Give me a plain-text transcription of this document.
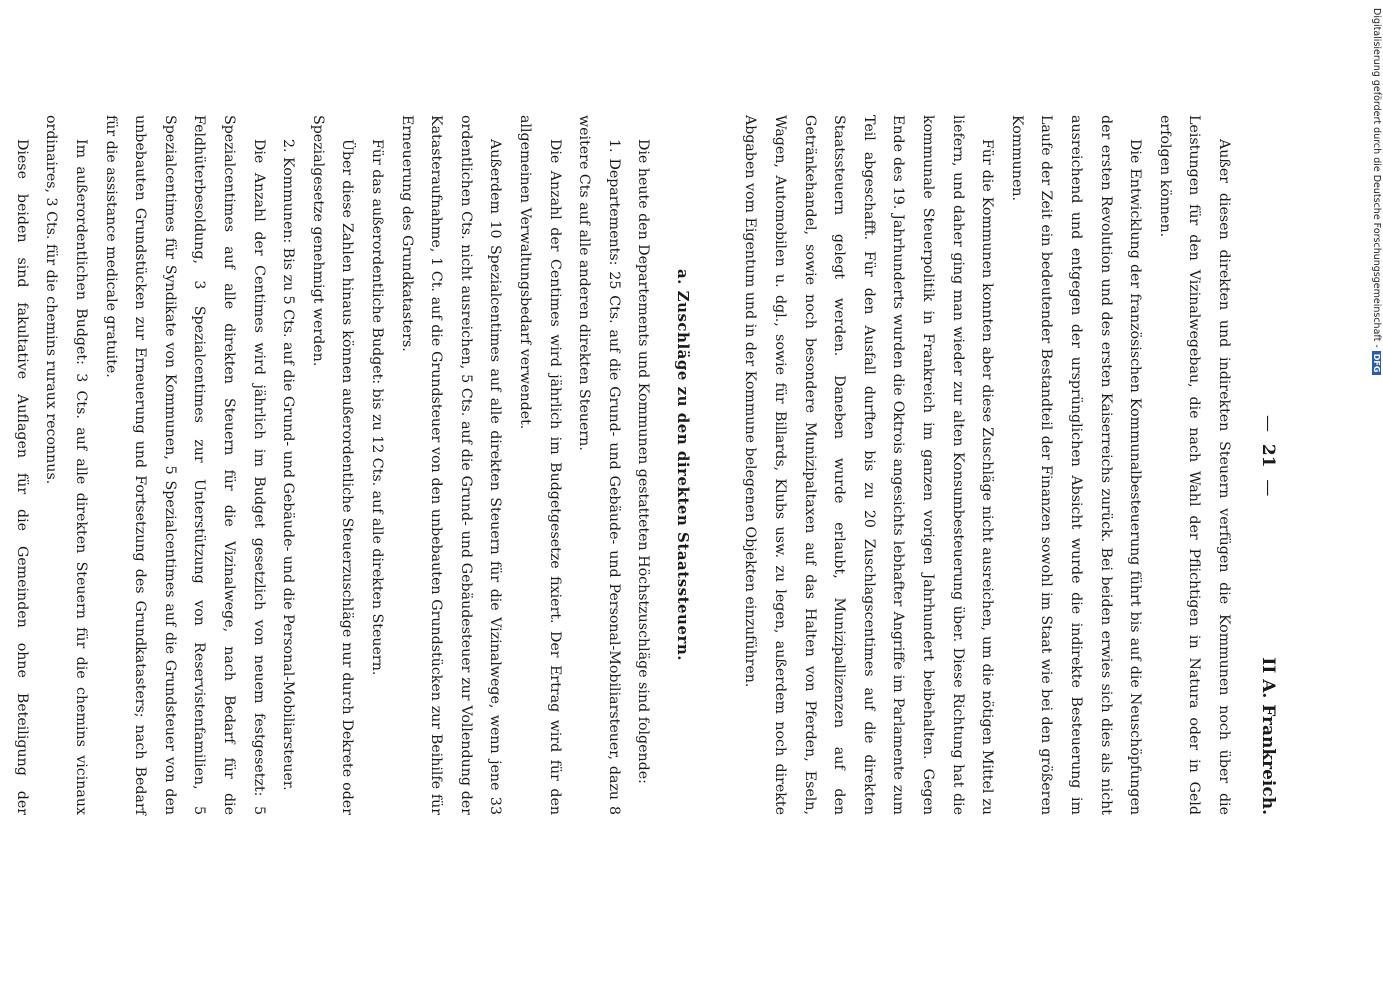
—  21  —
II A. Frankreich.

Außer diesen direkten und indirekten Steuern verfügen die Kommunen noch über die Leistungen für den Vizinalwegebau, die nach Wahl der Pflichtigen in Natura oder in Geld erfolgen können.

Die Entwicklung der französischen Kommunalbesteuerung führt bis auf die Neuschöpfungen der ersten Revolution und des ersten Kaiserreichs zurück. Bei beiden erwies sich dies als nicht ausreichend und entgegen der ursprünglichen Absicht wurde die indirekte Besteuerung im Laufe der Zeit ein bedeutender Bestandteil der Finanzen sowohl im Staat wie bei den größeren Kommunen.

Für die Kommunen konnten aber diese Zuschläge nicht ausreichen, um die nötigen Mittel zu liefern, und daher ging man wieder zur alten Konsumbesteuerung über. Diese Richtung hat die kommunale Steuerpolitik in Frankreich im ganzen vorigen Jahrhundert beibehalten. Gegen Ende des 19. Jahrhunderts wurden die Oktrois angesichts lebhafter Angriffe im Parlamente zum Teil abgeschafft. Für den Ausfall durften bis zu 20 Zuschlagscentimes auf die direkten Staatssteuern gelegt werden. Daneben wurde erlaubt, Munizipallizenzen auf den Getränkehandel, sowie noch besondere Munizipaltaxen auf das Halten von Pferden, Eseln, Wagen, Automobilen u. dgl., sowie für Billards, Klubs usw. zu legen, außerdem noch direkte Abgaben vom Eigentum und in der Kommune belegenen Objekten einzuführen.

a. Zuschläge zu den direkten Staatssteuern.

Die heute den Departements und Kommunen gestatteten Höchstzuschläge sind folgende:

1. Departements: 25 Cts. auf die Grund- und Gebäude- und Personal-Mobiliarsteuer, dazu 8 weitere Cts auf alle anderen direkten Steuern.

Die Anzahl der Centimes wird jährlich im Budgetgesetze fixiert. Der Ertrag wird für den allgemeinen Verwaltungsbedarf verwendet.

Außerdem 10 Spezialcentimes auf alle direkten Steuern für die Vizinalwege, wenn jene 33 ordentlichen Cts. nicht ausreichen, 5 Cts. auf die Grund- und Gebäudesteuer zur Vollendung der Katasteraufnahme, 1 Ct. auf die Grundsteuer von den unbebauten Grundstücken zur Beihilfe für Erneuerung des Grundkatasters.

Für das außerordentliche Budget: bis zu 12 Cts. auf alle direkten Steuern.

Über diese Zahlen hinaus können außerordentliche Steuerzuschläge nur durch Dekrete oder Spezialgesetze genehmigt werden.

2. Kommunen: Bis zu 5 Cts. auf die Grund- und Gebäude- und die Personal-Mobiliarsteuer.

Die Anzahl der Centimes wird jährlich im Budget gesetzlich von neuem festgesetzt: 5 Spezialcentimes auf alle direkten Steuern für die Vizinalwege, nach Bedarf für die Feldhüterbesoldung, 3 Spezialcentimes zur Unterstützung von Reservistenfamilien, 5 Spezialcentimes für Syndikate von Kommunen, 5 Spezialcentimes auf die Grundsteuer von den unbebauten Grundstücken zur Erneuerung und Fortsetzung des Grundkatasters; nach Bedarf für die assistance medicale gratuite.

Im außerordentlichen Budget: 3 Cts. auf alle direkten Steuern für die chemins vicinaux ordinaires, 3 Cts. für die chemins ruraux reconnus.

Diese beiden sind fakultative Auflagen für die Gemeinden ohne Beteiligung der

Digitalisierung gefördert durch die Deutsche Forschungsgemeinschaft -DFG
